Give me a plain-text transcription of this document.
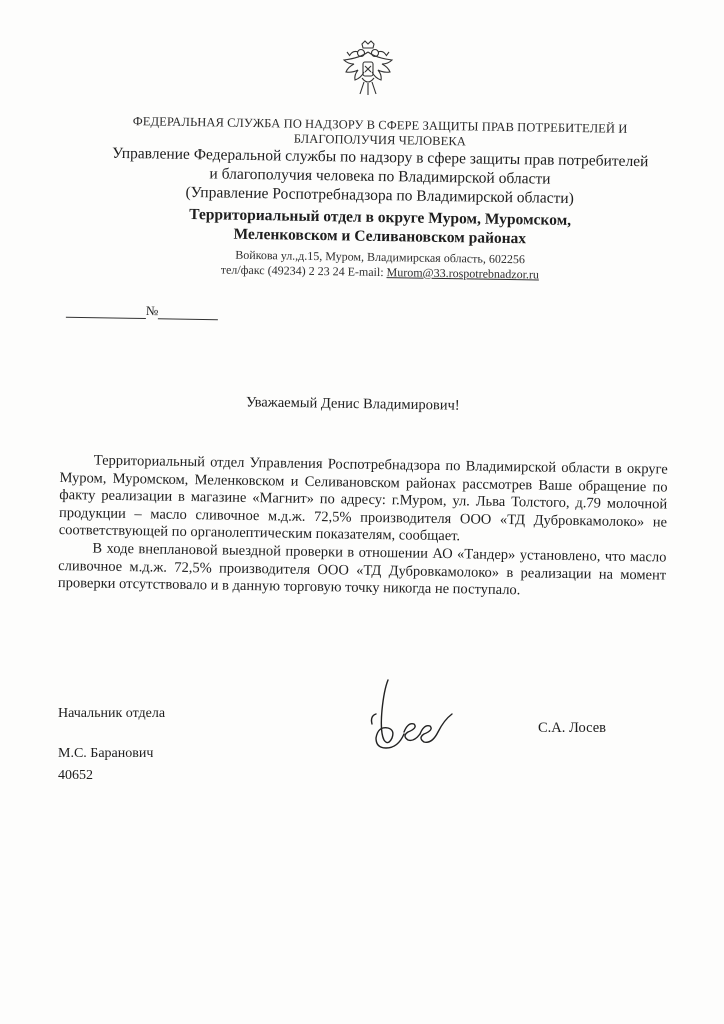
ФЕДЕРАЛЬНАЯ СЛУЖБА ПО НАДЗОРУ В СФЕРЕ ЗАЩИТЫ ПРАВ ПОТРЕБИТЕЛЕЙ И
БЛАГОПОЛУЧИЯ ЧЕЛОВЕКА
Управление Федеральной службы по надзору в сфере защиты прав потребителей
и благополучия человека по Владимирской области
(Управление Роспотребнадзора по Владимирской области)
Территориальный отдел в округе Муром, Муромском,
Меленковском и Селивановском районах
Войкова ул.,д.15, Муром, Владимирская область, 602256
тел/факс (49234) 2 23 24 E-mail: Murom@33.rospotrebnadzor.ru
№
Уважаемый Денис Владимирович!

Территориальный отдел Управления Роспотребнадзора по Владимирской области в округе Муром, Муромском, Меленковском и Селивановском районах рассмотрев Ваше обращение по факту реализации в магазине «Магнит» по адресу: г.Муром, ул. Льва Толстого, д.79 молочной продукции – масло сливочное м.д.ж. 72,5% производителя ООО «ТД Дубровкамолоко» не соответствующей по органолептическим показателям, сообщает.

В ходе внеплановой выездной проверки в отношении АО «Тандер» установлено, что масло сливочное м.д.ж. 72,5% производителя ООО «ТД Дубровкамолоко» в реализации на момент проверки отсутствовало и в данную торговую точку никогда не поступало.

Начальник отдела
С.А. Лосев
М.С. Баранович
40652
